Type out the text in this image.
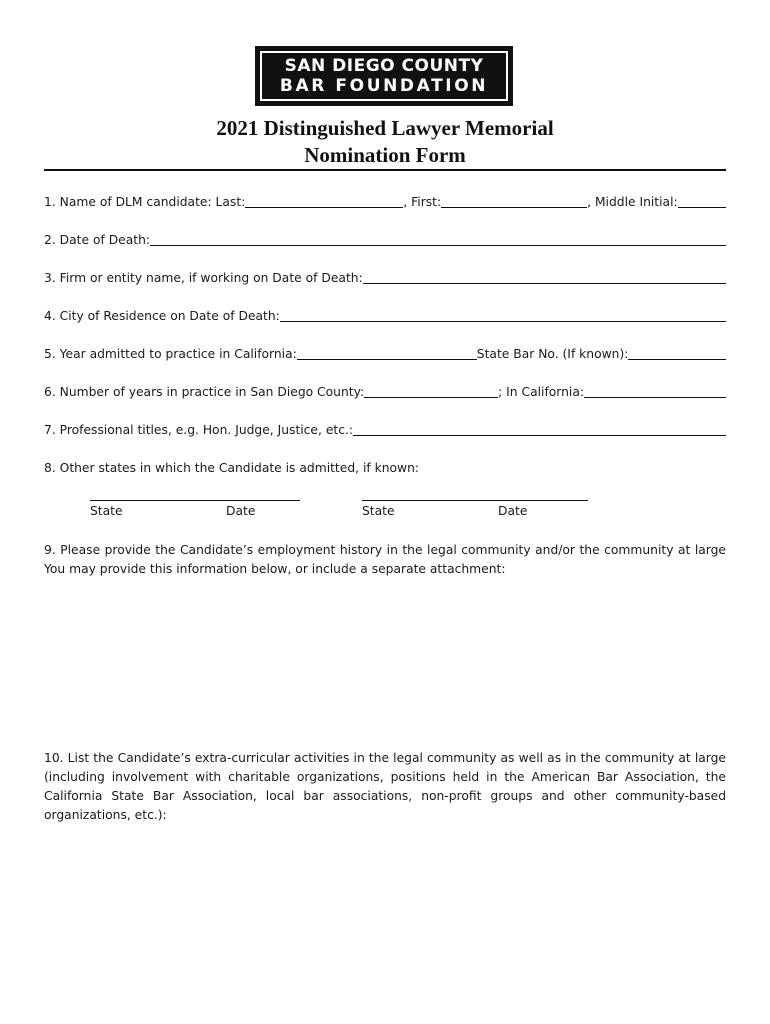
SAN DIEGO COUNTY
BAR FOUNDATION
2021 Distinguished Lawyer Memorial
Nomination Form
1. Name of DLM candidate: Last:	, First:	, Middle Initial:
2. Date of Death:
3. Firm or entity name, if working on Date of Death:
4. City of Residence on Date of Death:
5. Year admitted to practice in California:	State Bar No. (If known):
6. Number of years in practice in San Diego County:	; In California:
7. Professional titles, e.g. Hon. Judge, Justice, etc.:
8. Other states in which the Candidate is admitted, if known:
State	Date	State	Date
9. Please provide the Candidate’s employment history in the legal community and/or the community at large You may provide this information below, or include a separate attachment:
10. List the Candidate’s extra-curricular activities in the legal community as well as in the community at large (including involvement with charitable organizations, positions held in the American Bar Association, the California State Bar Association, local bar associations, non-profit groups and other community-based organizations, etc.):
